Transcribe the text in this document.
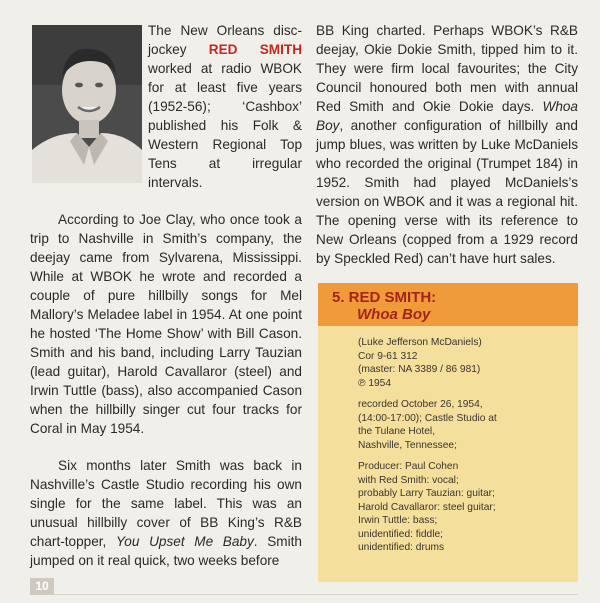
The New Orleans disc-jockey RED SMITH worked at radio WBOK for at least five years (1952-56); ‘Cashbox’ published his Folk & Western Regional Top Tens at irregular intervals.

According to Joe Clay, who once took a trip to Nashville in Smith’s company, the deejay came from Sylvarena, Mississippi. While at WBOK he wrote and recorded a couple of pure hillbilly songs for Mel Mallory’s Meladee label in 1954. At one point he hosted ‘The Home Show’ with Bill Cason. Smith and his band, including Larry Tauzian (lead guitar), Harold Cavallaror (steel) and Irwin Tuttle (bass), also accompanied Cason when the hillbilly singer cut four tracks for Coral in May 1954.

Six months later Smith was back in Nashville’s Castle Studio recording his own single for the same label. This was an unusual hillbilly cover of BB King’s R&B chart-topper, You Upset Me Baby. Smith jumped on it real quick, two weeks before

BB King charted. Perhaps WBOK’s R&B deejay, Okie Dokie Smith, tipped him to it. They were firm local favourites; the City Council honoured both men with annual Red Smith and Okie Dokie days. Whoa Boy, another configuration of hillbilly and jump blues, was written by Luke McDaniels who recorded the original (Trumpet 184) in 1952. Smith had played McDaniels’s version on WBOK and it was a regional hit. The opening verse with its reference to New Orleans (copped from a 1929 record by Speckled Red) can’t have hurt sales.

5. RED SMITH:
Whoa Boy
(Luke Jefferson McDaniels)
Cor 9-61 312
(master: NA 3389 / 86 981)
℗ 1954
recorded October 26, 1954,
(14:00-17:00); Castle Studio at
the Tulane Hotel,
Nashville, Tennessee;
Producer: Paul Cohen
with Red Smith: vocal;
probably Larry Tauzian: guitar;
Harold Cavallaror: steel guitar;
Irwin Tuttle: bass;
unidentified: fiddle;
unidentified: drums
10
